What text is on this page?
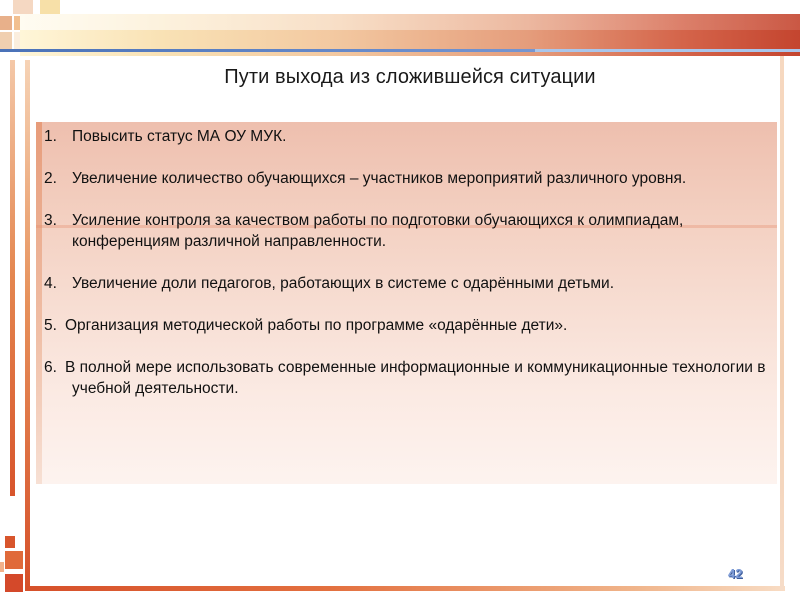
Пути выхода из сложившейся ситуации
1. Повысить статус МА ОУ МУК.
2. Увеличение количество обучающихся – участников мероприятий различного уровня.
3. Усиление контроля за качеством работы по подготовки обучающихся к олимпиадам, конференциям различной направленности.
4. Увеличение доли педагогов, работающих в системе с одарёнными детьми.
5. Организация методической работы по программе «одарённые дети».
6. В полной мере использовать современные информационные и коммуникационные технологии в учебной деятельности.
42
